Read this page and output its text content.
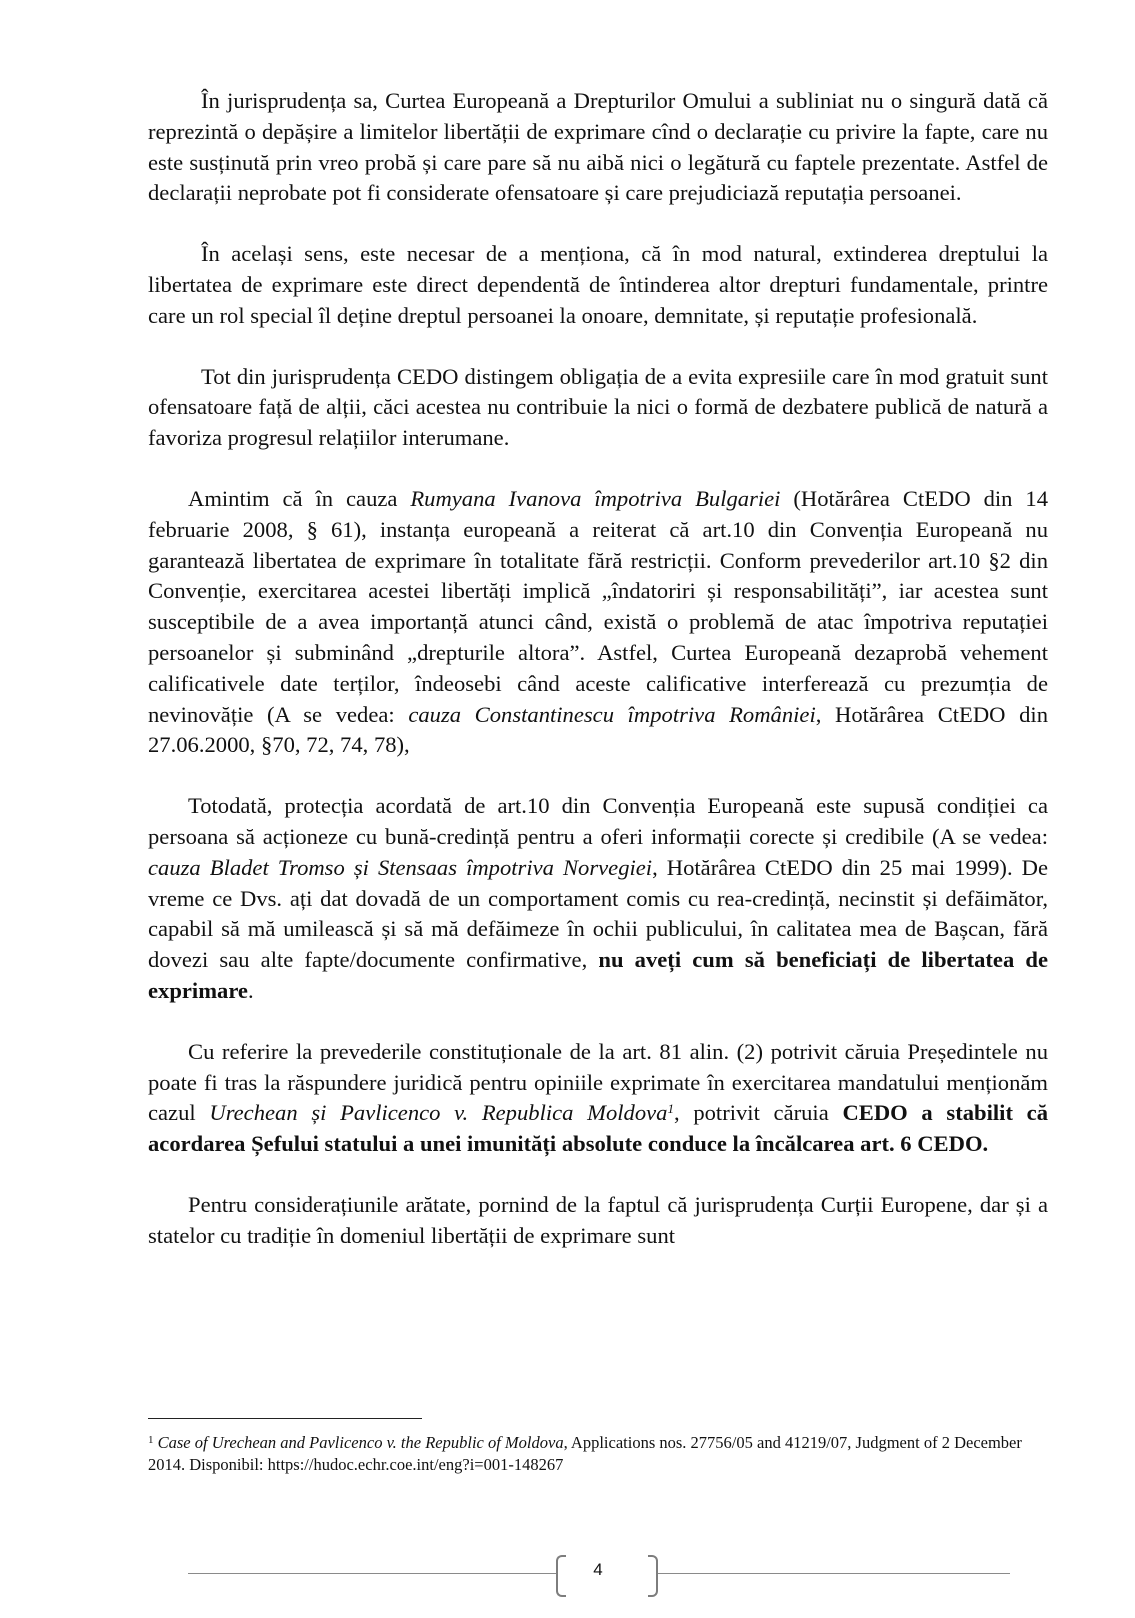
În jurisprudența sa, Curtea Europeană a Drepturilor Omului a subliniat nu o singură dată că reprezintă o depășire a limitelor libertății de exprimare cînd o declarație cu privire la fapte, care nu este susținută prin vreo probă și care pare să nu aibă nici o legătură cu faptele prezentate. Astfel de declarații neprobate pot fi considerate ofensatoare și care prejudiciază reputația persoanei.

În același sens, este necesar de a menționa, că în mod natural, extinderea dreptului la libertatea de exprimare este direct dependentă de întinderea altor drepturi fundamentale, printre care un rol special îl deține dreptul persoanei la onoare, demnitate, și reputație profesională.

Tot din jurisprudența CEDO distingem obligația de a evita expresiile care în mod gratuit sunt ofensatoare față de alții, căci acestea nu contribuie la nici o formă de dezbatere publică de natură a favoriza progresul relațiilor interumane.

Amintim că în cauza Rumyana Ivanova împotriva Bulgariei (Hotărârea CtEDO din 14 februarie 2008, § 61), instanța europeană a reiterat că art.10 din Convenția Europeană nu garantează libertatea de exprimare în totalitate fără restricții. Conform prevederilor art.10 §2 din Convenție, exercitarea acestei libertăți implică „îndatoriri și responsabilități”, iar acestea sunt susceptibile de a avea importanță atunci când, există o problemă de atac împotriva reputației persoanelor și subminând „drepturile altora”. Astfel, Curtea Europeană dezaprobă vehement calificativele date terților, îndeosebi când aceste calificative interferează cu prezumția de nevinovăție (A se vedea: cauza Constantinescu împotriva României, Hotărârea CtEDO din 27.06.2000, §70, 72, 74, 78),

Totodată, protecția acordată de art.10 din Convenția Europeană este supusă condiției ca persoana să acționeze cu bună-credință pentru a oferi informații corecte și credibile (A se vedea: cauza Bladet Tromso și Stensaas împotriva Norvegiei, Hotărârea CtEDO din 25 mai 1999). De vreme ce Dvs. ați dat dovadă de un comportament comis cu rea-credință, necinstit și defăimător, capabil să mă umilească și să mă defăimeze în ochii publicului, în calitatea mea de Bașcan, fără dovezi sau alte fapte/documente confirmative, nu aveți cum să beneficiați de libertatea de exprimare.

Cu referire la prevederile constituționale de la art. 81 alin. (2) potrivit căruia Președintele nu poate fi tras la răspundere juridică pentru opiniile exprimate în exercitarea mandatului menționăm cazul Urechean și Pavlicenco v. Republica Moldova$^1$, potrivit căruia CEDO a stabilit că acordarea Șefului statului a unei imunități absolute conduce la încălcarea art. 6 CEDO.

Pentru considerațiunile arătate, pornind de la faptul că jurisprudența Curții Europene, dar și a statelor cu tradiție în domeniul libertății de exprimare sunt

$^1$ Case of Urechean and Pavlicenco v. the Republic of Moldova, Applications nos. 27756/05 and 41219/07, Judgment of 2 December 2014. Disponibil: https://hudoc.echr.coe.int/eng?i=001-148267

4
